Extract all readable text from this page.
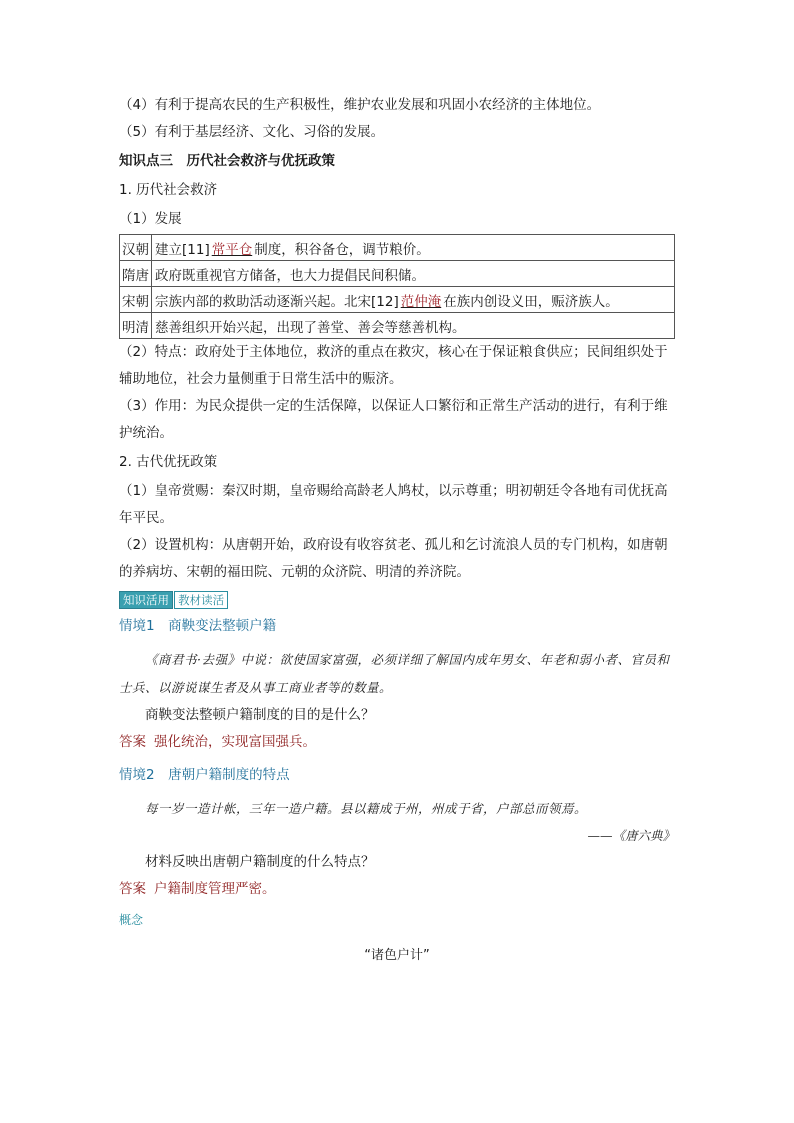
（4）有利于提高农民的生产积极性，维护农业发展和巩固小农经济的主体地位。

（5）有利于基层经济、文化、习俗的发展。

知识点三　历代社会救济与优抚政策

1. 历代社会救济

（1）发展

汉朝	建立[11] 常平仓 制度，积谷备仓，调节粮价。
隋唐	政府既重视官方储备，也大力提倡民间积储。
宋朝	宗族内部的救助活动逐渐兴起。北宋[12] 范仲淹 在族内创设义田，赈济族人。
明清	慈善组织开始兴起，出现了善堂、善会等慈善机构。

（2）特点：政府处于主体地位，救济的重点在救灾，核心在于保证粮食供应；民间组织处于辅助地位，社会力量侧重于日常生活中的赈济。

（3）作用：为民众提供一定的生活保障，以保证人口繁衍和正常生产活动的进行，有利于维护统治。

2. 古代优抚政策

（1）皇帝赏赐：秦汉时期，皇帝赐给高龄老人鸠杖，以示尊重；明初朝廷令各地有司优抚高年平民。

（2）设置机构：从唐朝开始，政府设有收容贫老、孤儿和乞讨流浪人员的专门机构，如唐朝的养病坊、宋朝的福田院、元朝的众济院、明清的养济院。

知识活用 教材读活
情境1　商鞅变法整顿户籍
《商君书·去强》中说：欲使国家富强，必须详细了解国内成年男女、年老和弱小者、官员和士兵、以游说谋生者及从事工商业者等的数量。
商鞅变法整顿户籍制度的目的是什么？
答案 强化统治，实现富国强兵。
情境2　唐朝户籍制度的特点
每一岁一造计帐，三年一造户籍。县以籍成于州，州成于省，户部总而领焉。
——《唐六典》
材料反映出唐朝户籍制度的什么特点？
答案 户籍制度管理严密。
概念
“诸色户计”
